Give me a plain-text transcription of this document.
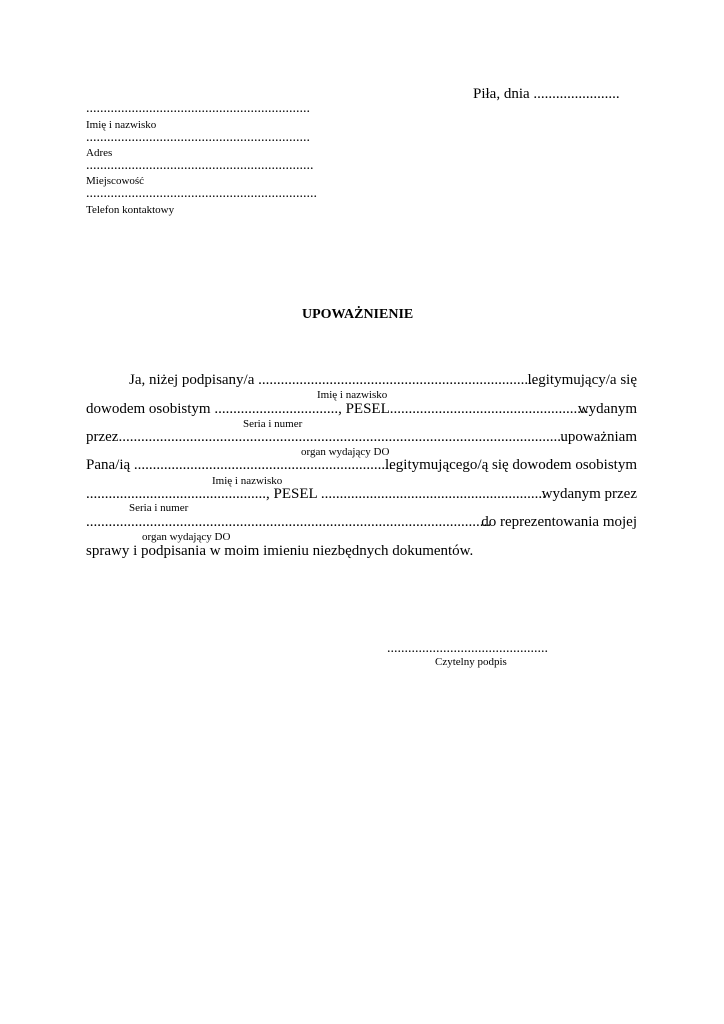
Piła, dnia .......................
................................................................
Imię i nazwisko
................................................................
Adres
.................................................................
Miejscowość
..................................................................
Telefon kontaktowy
UPOWAŻNIENIE
Ja, niżej podpisany/a ..........................................................................
legitymujący/a się
Imię i nazwisko
dowodem osobistym ................................., PESEL.....................................................
wydanym
Seria i numer
przez.......................................................................................................................
upoważniam
organ wydający DO
Pana/ią .....................................................................
legitymującego/ą się dowodem osobistym
Imię i nazwisko
................................................, PESEL ............................................................
wydanym przez
Seria i numer
............................................................................................................
do reprezentowania mojej
organ wydający DO
sprawy i podpisania w moim imieniu niezbędnych dokumentów.
..............................................
Czytelny podpis
